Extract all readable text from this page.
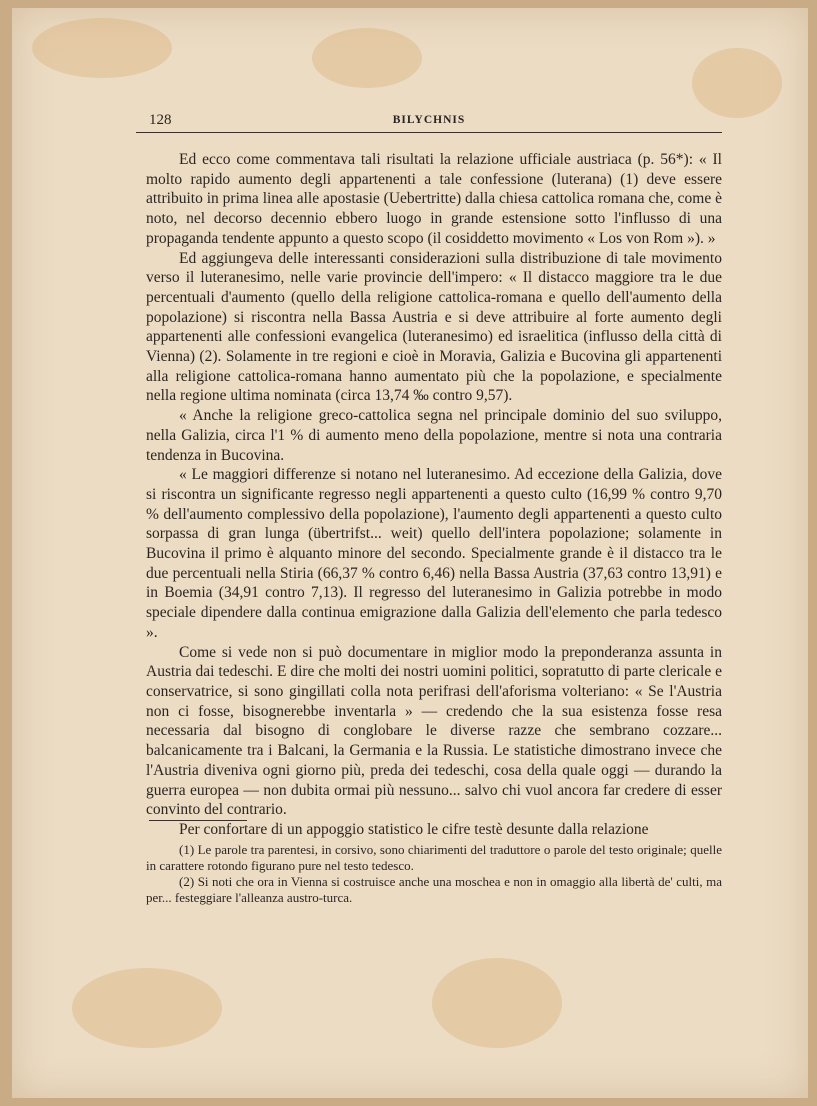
128	BILYCHNIS

Ed ecco come commentava tali risultati la relazione ufficiale austriaca (p. 56*): « Il molto rapido aumento degli appartenenti a tale confessione (luterana) (1) deve essere attribuito in prima linea alle apostasie (Uebertritte) dalla chiesa cattolica romana che, come è noto, nel decorso decennio ebbero luogo in grande estensione sotto l'influsso di una propaganda tendente appunto a questo scopo (il cosiddetto movimento « Los von Rom »). »

Ed aggiungeva delle interessanti considerazioni sulla distribuzione di tale movimento verso il luteranesimo, nelle varie provincie dell'impero: « Il distacco maggiore tra le due percentuali d'aumento (quello della religione cattolica-romana e quello dell'aumento della popolazione) si riscontra nella Bassa Austria e si deve attribuire al forte aumento degli appartenenti alle confessioni evangelica (luteranesimo) ed israelitica (influsso della città di Vienna) (2). Solamente in tre regioni e cioè in Moravia, Galizia e Bucovina gli appartenenti alla religione cattolica-romana hanno aumentato più che la popolazione, e specialmente nella regione ultima nominata (circa 13,74 ‰ contro 9,57).

« Anche la religione greco-cattolica segna nel principale dominio del suo sviluppo, nella Galizia, circa l'1 % di aumento meno della popolazione, mentre si nota una contraria tendenza in Bucovina.

« Le maggiori differenze si notano nel luteranesimo. Ad eccezione della Galizia, dove si riscontra un significante regresso negli appartenenti a questo culto (16,99 % contro 9,70 % dell'aumento complessivo della popolazione), l'aumento degli appartenenti a questo culto sorpassa di gran lunga (übertrifst... weit) quello dell'intera popolazione; solamente in Bucovina il primo è alquanto minore del secondo. Specialmente grande è il distacco tra le due percentuali nella Stiria (66,37 % contro 6,46) nella Bassa Austria (37,63 contro 13,91) e in Boemia (34,91 contro 7,13). Il regresso del luteranesimo in Galizia potrebbe in modo speciale dipendere dalla continua emigrazione dalla Galizia dell'elemento che parla tedesco ».

Come si vede non si può documentare in miglior modo la preponderanza assunta in Austria dai tedeschi. E dire che molti dei nostri uomini politici, sopratutto di parte clericale e conservatrice, si sono gingillati colla nota perifrasi dell'aforisma volteriano: « Se l'Austria non ci fosse, bisognerebbe inventarla » — credendo che la sua esistenza fosse resa necessaria dal bisogno di conglobare le diverse razze che sembrano cozzare... balcanicamente tra i Balcani, la Germania e la Russia. Le statistiche dimostrano invece che l'Austria diveniva ogni giorno più, preda dei tedeschi, cosa della quale oggi — durando la guerra europea — non dubita ormai più nessuno... salvo chi vuol ancora far credere di esser convinto del contrario.

Per confortare di un appoggio statistico le cifre testè desunte dalla relazione

(1) Le parole tra parentesi, in corsivo, sono chiarimenti del traduttore o parole del testo originale; quelle in carattere rotondo figurano pure nel testo tedesco.

(2) Si noti che ora in Vienna si costruisce anche una moschea e non in omaggio alla libertà de' culti, ma per... festeggiare l'alleanza austro-turca.
